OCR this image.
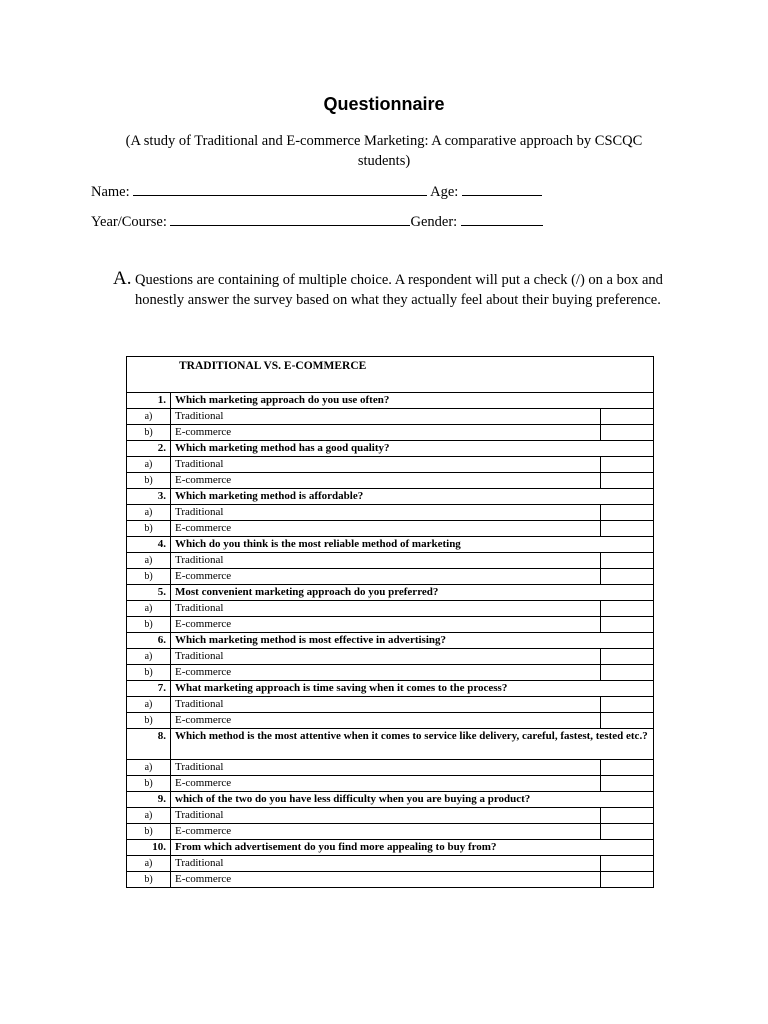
Questionnaire
(A study of Traditional and E-commerce Marketing: A comparative approach by CSCQC students)
Name:	Age:
Year/Course:	Gender:
A. Questions are containing of multiple choice. A respondent will put a check (/) on a box and honestly answer the survey based on what they actually feel about their buying preference.
TRADITIONAL VS. E-COMMERCE		
1.	Which marketing approach do you use often?	
a)	Traditional	
b)	E-commerce	
2.	Which marketing method has a good quality?	
a)	Traditional	
b)	E-commerce	
3.	Which marketing method is affordable?	
a)	Traditional	
b)	E-commerce	
4.	Which do you think is the most reliable method of marketing	
a)	Traditional	
b)	E-commerce	
5.	Most convenient marketing approach do you preferred?	
a)	Traditional	
b)	E-commerce	
6.	Which marketing method is most effective in advertising?	
a)	Traditional	
b)	E-commerce	
7.	What marketing approach is time saving when it comes to the process?	
a)	Traditional	
b)	E-commerce	
8.	Which method is the most attentive when it comes to service like delivery, careful, fastest, tested etc.?	
a)	Traditional	
b)	E-commerce	
9.	which of the two do you have less difficulty when you are buying a product?	
a)	Traditional	
b)	E-commerce	
10.	From which advertisement do you find more appealing to buy from?	
a)	Traditional	
b)	E-commerce	
